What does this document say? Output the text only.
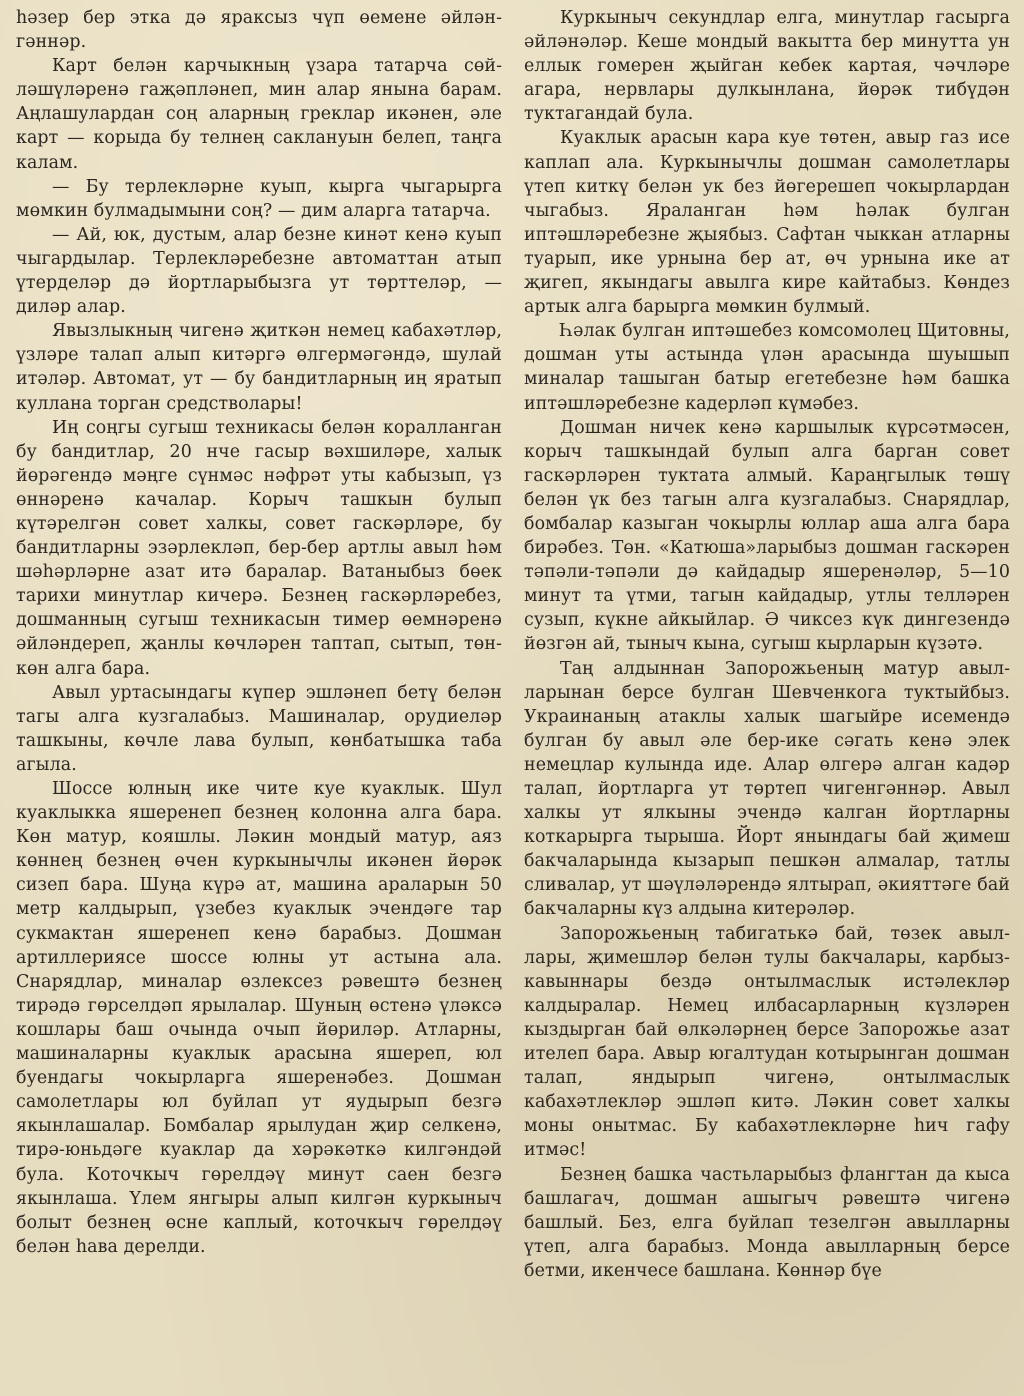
һәзер бер этка дә яраксыз чүп өемене әйләнгәннәр.

Карт белән карчыкның үзара татарча сөйләшүләренә гаҗәпләнеп, мин алар янына барам. Аңлашулардан соң аларның греклар икәнен, әле карт — корыда бу телнең саклануын белеп, таңга калам.

— Бу терлекләрне куып, кырга чыгарырга мөмкин булмадымыни соң? — дим аларга татарча.

— Ай, юк, дустым, алар безне кинәт кенә куып чыгардылар. Терлекләребезне автоматтан атып үтерделәр дә йортларыбызга ут төрттеләр, — диләр алар.

Явызлыкның чигенә җиткән немец кабахәтләр, үзләре талап алып китәргә өлгермәгәндә, шулай итәләр. Автомат, ут — бу бандитларның иң яратып куллана торган средстволары!

Иң соңгы сугыш техникасы белән коралланган бу бандитлар, 20 нче гасыр вәхшиләре, халык йөрәгендә мәңге сүнмәс нәфрәт уты кабызып, үз өннәренә качалар. Корыч ташкын булып күтәрелгән совет халкы, совет гаскәрләре, бу бандитларны эзәрлекләп, бер-бер артлы авыл һәм шәһәрләрне азат итә баралар. Ватаныбыз бөек тарихи минутлар кичерә. Безнең гаскәрләребез, дошманның сугыш техникасын тимер өемнәренә әйләндереп, җанлы көчләрен таптап, сытып, төн-көн алга бара.

Авыл уртасындагы күпер эшләнеп бетү белән тагы алга кузгалабыз. Машиналар, орудиеләр ташкыны, көчле лава булып, көнбатышка таба агыла.

Шоссе юлның ике чите куе куаклык. Шул куаклыкка яшеренеп безнең колонна алга бара. Көн матур, кояшлы. Ләкин мондый матур, аяз көннең безнең өчен куркынычлы икәнен йөрәк сизеп бара. Шуңа күрә ат, машина араларын 50 метр калдырып, үзебез куаклык эчендәге тар сукмактан яшеренеп кенә барабыз. Дошман артиллериясе шоссе юлны ут астына ала. Снарядлар, миналар өзлексез рәвештә безнең тирәдә гөрселдәп ярылалар. Шуның өстенә үләксә кошлары баш очында очып йөриләр. Атларны, машиналарны куаклык арасына яшереп, юл буендагы чокырларга яшеренәбез. Дошман самолетлары юл буйлап ут яудырып безгә якынлашалар. Бомбалар ярылудан җир селкенә, тирә-юньдәге куаклар да хәрәкәткә килгәндәй була. Коточкыч гөрелдәү минут саен безгә якынлаша. Үлем янгыры алып килгән куркыныч болыт безнең өсне каплый, коточкыч гөрелдәү белән һава дерелди.

Куркыныч секундлар елга, минутлар гасырга әйләнәләр. Кеше мондый вакытта бер минутта ун еллык гомерен җыйган кебек картая, чәчләре агара, нервлары дулкынлана, йөрәк тибүдән туктагандай була.

Куаклык арасын кара куе төтен, авыр газ исе каплап ала. Куркынычлы дошман самолетлары үтеп киткү белән ук без йөгерешеп чокырлардан чыгабыз. Яраланган һәм һәлак булган иптәшләребезне җыябыз. Сафтан чыккан атларны туарып, ике урнына бер ат, өч урнына ике ат җигеп, якындагы авылга кире кайтабыз. Көндез артык алга барырга мөмкин булмый.

Һәлак булган иптәшебез комсомолец Щитовны, дошман уты астында үлән арасында шуышып миналар ташыган батыр егетебезне һәм башка иптәшләребезне кадерләп күмәбез.

Дошман ничек кенә каршылык күрсәтмәсен, корыч ташкындай булып алга барган совет гаскәрләрен туктата алмый. Караңгылык төшү белән үк без тагын алга кузгалабыз. Снарядлар, бомбалар казыган чокырлы юллар аша алга бара бирәбез. Төн. «Катюша»ларыбыз дошман гаскәрен тәпәли-тәпәли дә кайдадыр яшеренәләр, 5—10 минут та үтми, тагын кайдадыр, утлы телләрен сузып, күкне айкыйлар. Ә чиксез күк дингезендә йөзгән ай, тыныч кына, сугыш кырларын күзәтә.

Таң алдыннан Запорожьеның матур авылларынан берсе булган Шевченкога туктыйбыз. Украинаның атаклы халык шагыйре исемендә булган бу авыл әле бер-ике сәгать кенә элек немецлар кулында иде. Алар өлгерә алган кадәр талап, йортларга ут төртеп чигенгәннәр. Авыл халкы ут ялкыны эчендә калган йортларны коткарырга тырыша. Йорт янындагы бай җимеш бакчаларында кызарып пешкән алмалар, татлы сливалар, ут шәүләләрендә ялтырап, әкияттәге бай бакчаларны күз алдына китерәләр.

Запорожьеның табигатькә бай, төзек авыллары, җимешләр белән тулы бакчалары, карбыз-кавыннары бездә онтылмаслык истәлекләр калдыралар. Немец илбасарларның күзләрен кыздырган бай өлкәләрнең берсе Запорожье азат ителеп бара. Авыр югалтудан котырынган дошман талап, яндырып чигенә, онтылмаслык кабахәтлекләр эшләп китә. Ләкин совет халкы моны онытмас. Бу кабахәтлекләрне һич гафу итмәс!

Безнең башка частьларыбыз флангтан да кыса башлагач, дошман ашыгыч рәвештә чигенә башлый. Без, елга буйлап тезелгән авылларны үтеп, алга барабыз. Монда авылларның берсе бетми, икенчесе башлана. Көннәр бүе
